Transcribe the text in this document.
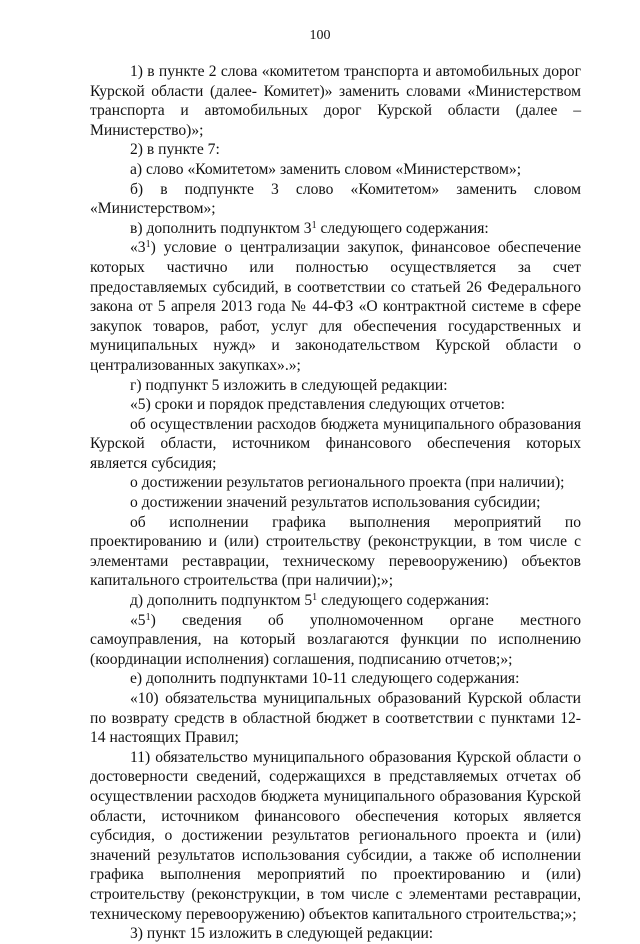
100

1) в пункте 2 слова «комитетом транспорта и автомобильных дорог Курской области (далее- Комитет)» заменить словами «Министерством транспорта и автомобильных дорог Курской области (далее – Министерство)»;

2) в пункте 7:

а) слово «Комитетом» заменить словом «Министерством»;

б) в подпункте 3 слово «Комитетом» заменить словом «Министерством»;

в) дополнить подпунктом $3^1$ следующего содержания:

«$3^1$) условие о централизации закупок, финансовое обеспечение которых частично или полностью осуществляется за счет предоставляемых субсидий, в соответствии со статьей 26 Федерального закона от 5 апреля 2013 года № 44-ФЗ «О контрактной системе в сфере закупок товаров, работ, услуг для обеспечения государственных и муниципальных нужд» и законодательством Курской области о централизованных закупках».»;

г) подпункт 5 изложить в следующей редакции:

«5) сроки и порядок представления следующих отчетов:

об осуществлении расходов бюджета муниципального образования Курской области, источником финансового обеспечения которых является субсидия;

о достижении результатов регионального проекта (при наличии);

о достижении значений результатов использования субсидии;

об исполнении графика выполнения мероприятий по проектированию и (или) строительству (реконструкции, в том числе с элементами реставрации, техническому перевооружению) объектов капитального строительства (при наличии);»;

д) дополнить подпунктом $5^1$ следующего содержания:

«$5^1$) сведения об уполномоченном органе местного самоуправления, на который возлагаются функции по исполнению (координации исполнения) соглашения, подписанию отчетов;»;

е) дополнить подпунктами 10-11 следующего содержания:

«10) обязательства муниципальных образований Курской области по возврату средств в областной бюджет в соответствии с пунктами 12-14 настоящих Правил;

11) обязательство муниципального образования Курской области о достоверности сведений, содержащихся в представляемых отчетах об осуществлении расходов бюджета муниципального образования Курской области, источником финансового обеспечения которых является субсидия, о достижении результатов регионального проекта и (или) значений результатов использования субсидии, а также об исполнении графика выполнения мероприятий по проектированию и (или) строительству (реконструкции, в том числе с элементами реставрации, техническому перевооружению) объектов капитального строительства;»;

3) пункт 15 изложить в следующей редакции:
